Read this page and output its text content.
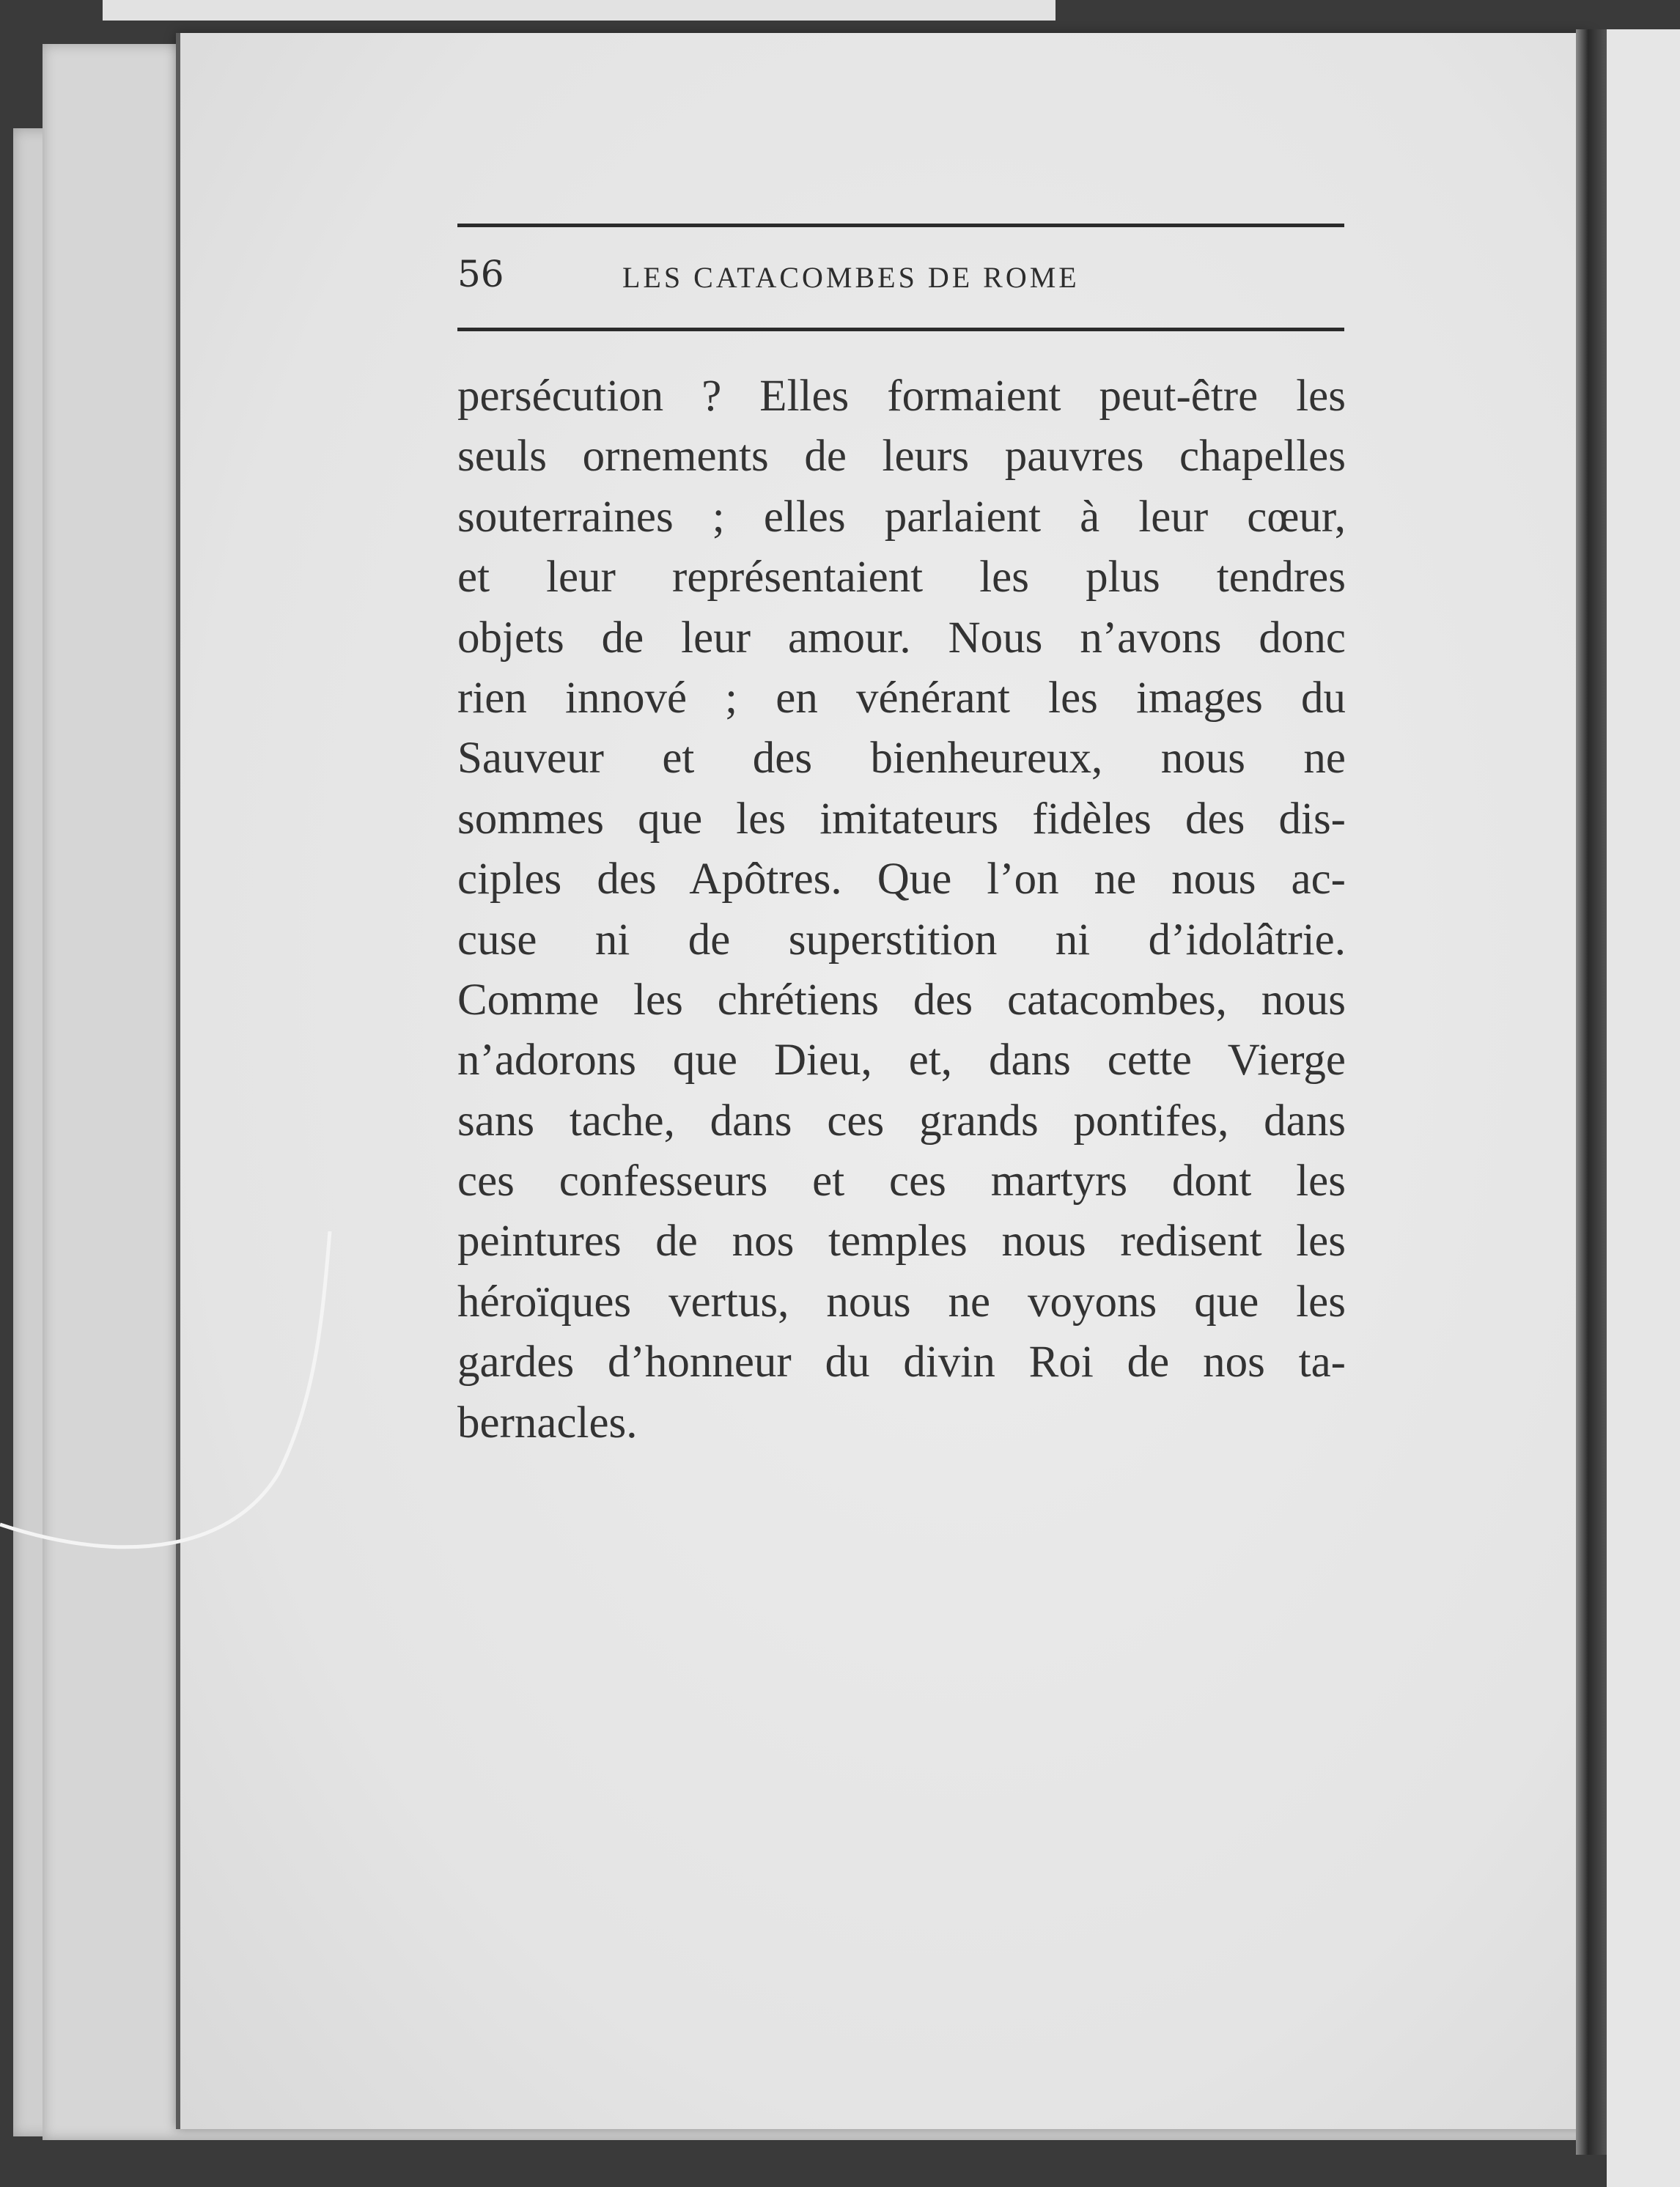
56	LES CATACOMBES DE ROME
persécution ? Elles formaient peut-être les
seuls ornements de leurs pauvres chapelles
souterraines ; elles parlaient à leur cœur,
et leur représentaient les plus tendres
objets de leur amour. Nous n’avons donc
rien innové ; en vénérant les images du
Sauveur et des bienheureux, nous ne
sommes que les imitateurs fidèles des dis-
ciples des Apôtres. Que l’on ne nous ac-
cuse ni de superstition ni d’idolâtrie.
Comme les chrétiens des catacombes, nous
n’adorons que Dieu, et, dans cette Vierge
sans tache, dans ces grands pontifes, dans
ces confesseurs et ces martyrs dont les
peintures de nos temples nous redisent les
héroïques vertus, nous ne voyons que les
gardes d’honneur du divin Roi de nos ta-
bernacles.
